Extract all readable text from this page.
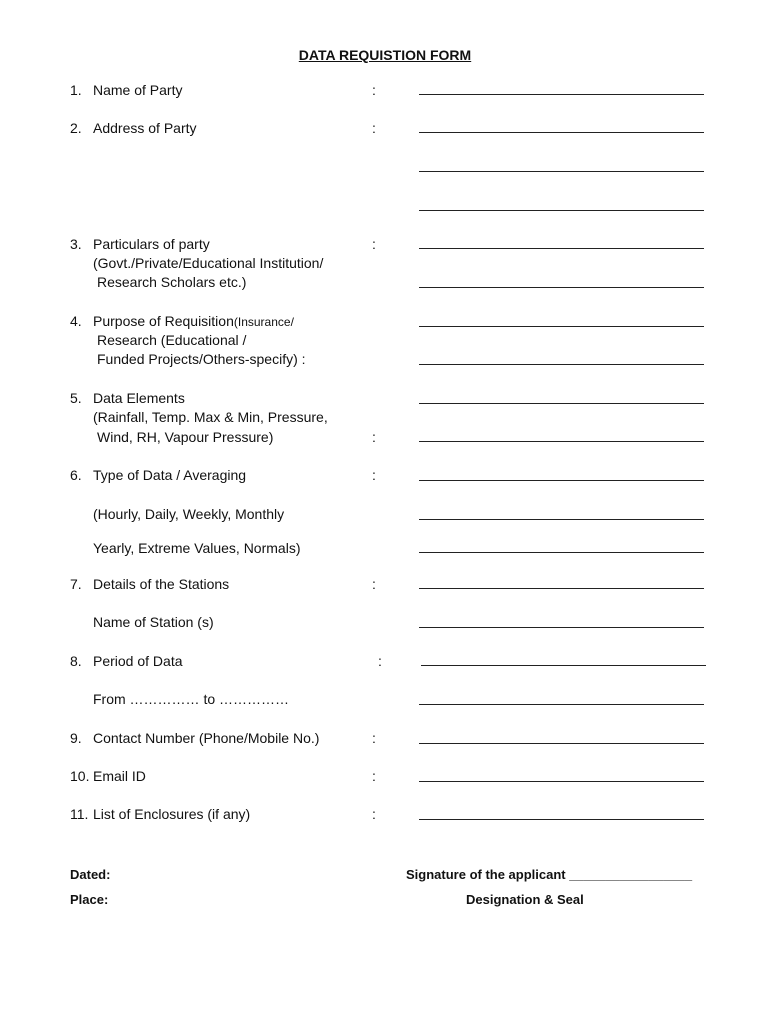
DATA REQUISTION FORM
1. Name of Party	:
2. Address of Party	:
3. Particulars of party
(Govt./Private/Educational Institution/
Research Scholars etc.)
:
4. Purpose of Requisition(Insurance/
Research (Educational /
Funded Projects/Others-specify) :
5. Data Elements
(Rainfall, Temp. Max & Min, Pressure,
Wind, RH, Vapour Pressure)	:
6. Type of Data / Averaging	:
(Hourly, Daily, Weekly, Monthly
Yearly, Extreme Values, Normals)
7. Details of the Stations	:
Name of Station (s)
8. Period of Data	:
From …………… to ……………
9. Contact Number (Phone/Mobile No.)	:
10. Email ID	:
11. List of Enclosures (if any)	:
Dated:
Place:
Signature of the applicant _________________
Designation & Seal
